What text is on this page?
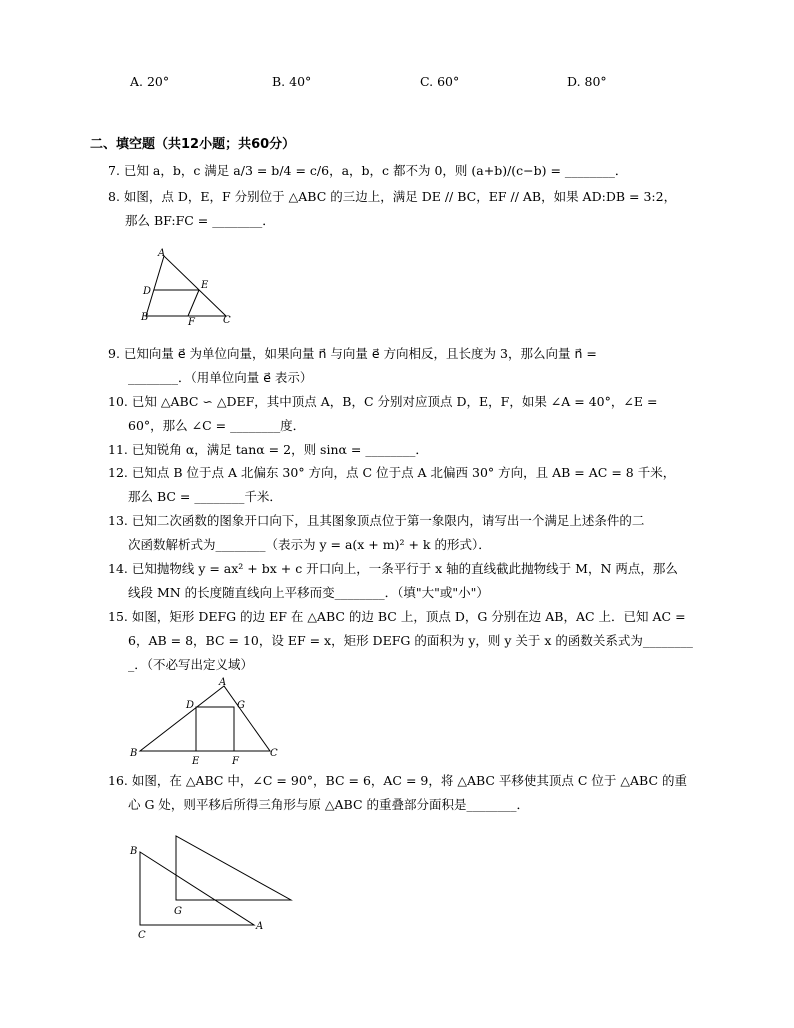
A. 20°	B. 40°	C. 60°	D. 80°
二、填空题（共12小题；共60分）
7. 已知 a，b，c 满足 a/3 = b/4 = c/6，a，b，c 都不为 0，则 (a+b)/(c−b) = ________．
8. 如图，点 D，E，F 分别位于 △ABC 的三边上，满足 DE // BC，EF // AB，如果 AD:DB = 3:2，
那么 BF:FC = ________．
A
B	C
D
E
F
9. 已知向量 e⃗ 为单位向量，如果向量 n⃗ 与向量 e⃗ 方向相反，且长度为 3，那么向量 n⃗ =
________．（用单位向量 e⃗ 表示）
10. 已知 △ABC ∽ △DEF，其中顶点 A，B，C 分别对应顶点 D，E，F，如果 ∠A = 40°，∠E =
60°，那么 ∠C = ________度．
11. 已知锐角 α，满足 tanα = 2，则 sinα = ________．
12. 已知点 B 位于点 A 北偏东 30° 方向，点 C 位于点 A 北偏西 30° 方向，且 AB = AC = 8 千米，
那么 BC = ________千米．
13. 已知二次函数的图象开口向下，且其图象顶点位于第一象限内，请写出一个满足上述条件的二
次函数解析式为________（表示为 y = a(x + m)² + k 的形式）．
14. 已知抛物线 y = ax² + bx + c 开口向上，一条平行于 x 轴的直线截此抛物线于 M，N 两点，那么
线段 MN 的长度随直线向上平移而变________．（填"大"或"小"）
15. 如图，矩形 DEFG 的边 EF 在 △ABC 的边 BC 上，顶点 D，G 分别在边 AB，AC 上．已知 AC =
6，AB = 8，BC = 10，设 EF = x，矩形 DEFG 的面积为 y，则 y 关于 x 的函数关系式为________
_．（不必写出定义域）
A
B	C
D
E	F
G
16. 如图，在 △ABC 中，∠C = 90°，BC = 6，AC = 9，将 △ABC 平移使其顶点 C 位于 △ABC 的重
心 G 处，则平移后所得三角形与原 △ABC 的重叠部分面积是________．
B
C
A
G
